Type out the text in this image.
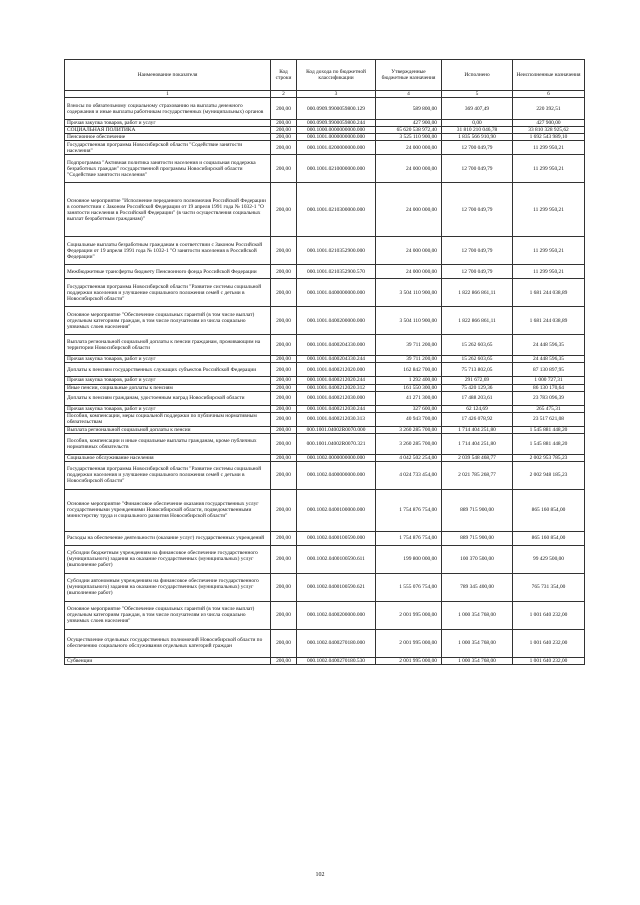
Наименование показателя	Код строки	Код дохода по бюджетной классификации	Утвержденные бюджетные назначения	Исполнено	Неисполненные назначения
1	2	3	4	5	6
Взносы по обязательному социальному страхованию на выплаты денежного содержания и иные выплаты работникам государственных (муниципальных) органов	200,00	000.0909.9900059800.129	589 800,00	369 407,49	220 392,51
Прочая закупка товаров, работ и услуг	200,00	000.0909.9900059800.244	427 900,00	0,00	427 900,00
СОЦИАЛЬНАЯ ПОЛИТИКА	200,00	000.1000.0000000000.000	65 620 538 972,40	31 810 210 046,78	33 810 328 925,62
Пенсионное обеспечение	200,00	000.1001.0000000000.000	3 525 110 900,00	1 835 566 910,90	1 692 543 989,10
Государственная программа Новосибирской области "Содействие занятости населения"	200,00	000.1001.0200000000.000	24 000 000,00	12 700 049,79	11 299 950,21
Подпрограмма "Активная политика занятости населения и социальная поддержка безработных граждан" государственной программы Новосибирской области "Содействие занятости населения"	200,00	000.1001.0210000000.000	24 000 000,00	12 700 049,79	11 299 950,21
Основное мероприятие "Исполнение переданного полномочия Российской Федерации в соответствии с Законом Российской Федерации от 19 апреля 1991 года № 1032-1 "О занятости населения в Российской Федерации" (в части осуществления социальных выплат безработным гражданам)"	200,00	000.1001.0210300000.000	24 000 000,00	12 700 049,79	11 299 950,21
Социальные выплаты безработным гражданам в соответствии с Законом Российской Федерации от 19 апреля 1991 года № 1032-1 "О занятости населения в Российской Федерации"	200,00	000.1001.0210352900.000	24 000 000,00	12 700 049,79	11 299 950,21
Межбюджетные трансферты бюджету Пенсионного фонда Российской Федерации	200,00	000.1001.0210352900.570	24 000 000,00	12 700 049,79	11 299 950,21
Государственная программа Новосибирской области "Развитие системы социальной поддержки населения и улучшение социального положения семей с детьми в Новосибирской области"	200,00	000.1001.0400000000.000	3 504 110 900,00	1 822 866 861,11	1 681 244 038,89
Основное мероприятие "Обеспечение социальных гарантий (в том числе выплат) отдельным категориям граждан, в том числе получателям из числа социально уязвимых слоев населения"	200,00	000.1001.0400200000.000	3 504 110 900,00	1 822 866 861,11	1 681 244 038,89
Выплата региональной социальной доплаты к пенсии гражданам, проживающим на территории Новосибирской области	200,00	000.1001.0400204330.000	39 711 200,00	15 262 603,65	24 448 596,35
Прочая закупка товаров, работ и услуг	200,00	000.1001.0400204330.244	39 711 200,00	15 262 603,65	24 448 596,35
Доплаты к пенсиям государственных служащих субъектов Российской Федерации	200,00	000.1001.0400212020.000	162 842 700,00	75 713 802,05	87 130 897,95
Прочая закупка товаров, работ и услуг	200,00	000.1001.0400212020.244	1 292 400,00	291 672,69	1 000 727,31
Иные пенсии, социальные доплаты к пенсиям	200,00	000.1001.0400212020.312	161 550 300,00	75 420 129,36	86 130 170,64
Доплаты к пенсиям гражданам, удостоенным наград Новосибирской области	200,00	000.1001.0400212030.000	41 271 300,00	17 488 203,61	23 783 096,39
Прочая закупка товаров, работ и услуг	200,00	000.1001.0400212030.244	327 600,00	62 124,69	265 475,31
Пособия, компенсации, меры социальной поддержки по публичным нормативным обязательствам	200,00	000.1001.0400212030.313	40 943 700,00	17 426 078,92	23 517 621,08
Выплата региональной социальной доплаты к пенсии	200,00	000.1001.04002R0070.000	3 260 285 700,00	1 714 404 251,80	1 545 881 448,20
Пособия, компенсации и иные социальные выплаты гражданам, кроме публичных нормативных обязательств	200,00	000.1001.04002R0070.321	3 260 285 700,00	1 714 404 251,80	1 545 881 448,20
Социальное обслуживание населения	200,00	000.1002.0000000000.000	4 042 502 254,00	2 039 548 468,77	2 002 953 785,23
Государственная программа Новосибирской области "Развитие системы социальной поддержки населения и улучшение социального положения семей с детьми в Новосибирской области"	200,00	000.1002.0400000000.000	4 024 733 454,00	2 021 785 268,77	2 002 948 185,23
Основное мероприятие "Финансовое обеспечение оказания государственных услуг государственными учреждениями Новосибирской области, подведомственными министерству труда и социального развития Новосибирской области"	200,00	000.1002.0400100000.000	1 754 876 754,00	889 715 900,00	865 160 854,00
Расходы на обеспечение деятельности (оказание услуг) государственных учреждений	200,00	000.1002.0400100590.000	1 754 876 754,00	889 715 900,00	865 160 854,00
Субсидии бюджетным учреждениям на финансовое обеспечение государственного (муниципального) задания на оказание государственных (муниципальных) услуг (выполнение работ)	200,00	000.1002.0400100590.611	199 800 000,00	100 370 500,00	99 429 500,00
Субсидии автономным учреждениям на финансовое обеспечение государственного (муниципального) задания на оказание государственных (муниципальных) услуг (выполнение работ)	200,00	000.1002.0400100590.621	1 555 076 754,00	789 345 400,00	765 731 354,00
Основное мероприятие "Обеспечение социальных гарантий (в том числе выплат) отдельным категориям граждан, в том числе получателям из числа социально уязвимых слоев населения"	200,00	000.1002.0400200000.000	2 001 995 000,00	1 000 354 768,00	1 001 640 232,00
Осуществление отдельных государственных полномочий Новосибирской области по обеспечению социального обслуживания отдельных категорий граждан	200,00	000.1002.0400270180.000	2 001 995 000,00	1 000 354 768,00	1 001 640 232,00
Субвенции	200,00	000.1002.0400270180.530	2 001 995 000,00	1 000 354 768,00	1 001 640 232,00
102
